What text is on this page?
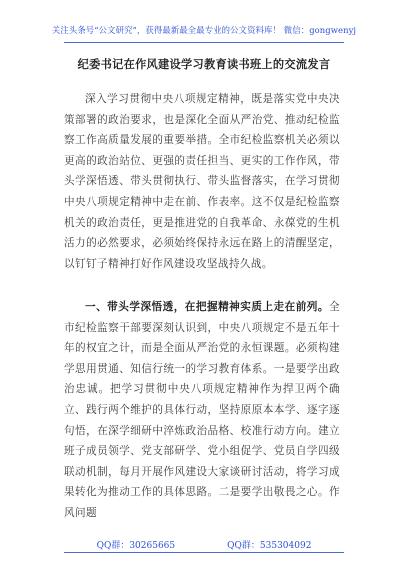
关注头条号“公文研究”，获得最新最全最专业的公文资料库！ 微信：gongwenyj
纪委书记在作风建设学习教育读书班上的交流发言
深入学习贯彻中央八项规定精神，既是落实党中央决策部署的政治要求，也是深化全面从严治党、推动纪检监察工作高质量发展的重要举措。全市纪检监察机关必须以更高的政治站位、更强的责任担当、更实的工作作风，带头学深悟透、带头贯彻执行、带头监督落实，在学习贯彻中央八项规定精神中走在前、作表率。这不仅是纪检监察机关的政治责任，更是推进党的自我革命、永葆党的生机活力的必然要求，必须始终保持永远在路上的清醒坚定，以钉钉子精神打好作风建设攻坚战持久战。
一、带头学深悟透，在把握精神实质上走在前列。全市纪检监察干部要深刻认识到，中央八项规定不是五年十年的权宜之计，而是全面从严治党的永恒课题。必须构建学思用贯通、知信行统一的学习教育体系。一是要学出政治忠诚。把学习贯彻中央八项规定精神作为捍卫两个确立、践行两个维护的具体行动，坚持原原本本学、逐字逐句悟，在深学细研中淬炼政治品格、校准行动方向。建立班子成员领学、党支部研学、党小组促学、党员自学四级联动机制，每月开展作风建设大家谈研讨活动，将学习成果转化为推动工作的具体思路。二是要学出敬畏之心。作风问题
QQ群：30265665	QQ群：535304092
